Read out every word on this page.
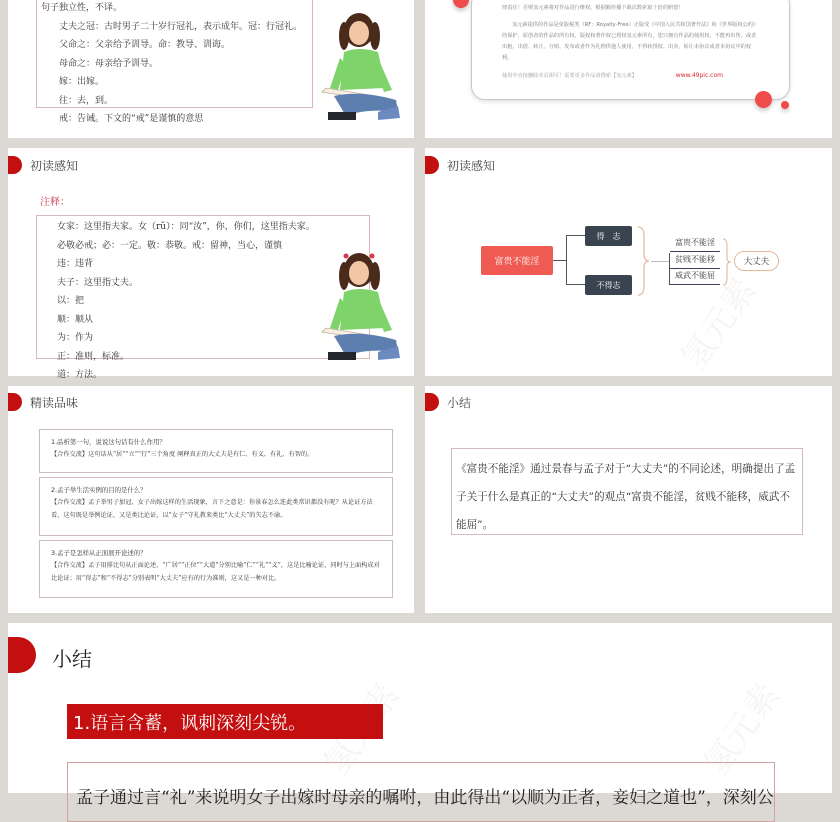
句子独立性，不译。
丈夫之冠：古时男子二十岁行冠礼，表示成年。冠：行冠礼。
父命之：父亲给予训导。命：教导、训诲。
母命之：母亲给予训导。
嫁：出嫁。
往：去，到。
戒：告诫。下文的“戒”是谨慎的意思

律责任！否则氢元素将对作品进行维权，根据额传播下载次数索取十倍的赔偿！

氢元素提供的作品是免版税类（RF：Royalty-Free）正版受《中国人民共和国著作法》和《世界版权公约》的保护，原创者的作品的所有权、版权和著作权已授权氢元素所有，您只拥有作品的使用权，不能再出售，或者出租、出借、转让、分销、发布或者作为礼物供他人使用，不得转授权、出卖、转让本协议或者本协议中的权利。

使用中直接删除本页即可！需要更多作品请搜索【氢元素】	www.49pic.com
初读感知
注释：
女家：这里指夫家。女（rǔ）：同“汝”，你，你们，这里指夫家。
必敬必戒；必：一定。敬：恭敬。戒：留神，当心，谨慎
违：违背
夫子：这里指丈夫。
以：把
顺：顺从
为：作为
正：准则，标准。
道：方法。
初读感知
富贵不能淫
得　志
不得志
富贵不能淫
贫贱不能移
威武不能屈
大丈夫
精读品味
1.品析第一句，说说这句话有什么作用？
【合作交流】这句话从“居”“立”“行”三个角度 阐释真正的大丈夫是有仁、有义、有礼、有智的。
2.孟子举生活实例的目的是什么？
【合作交流】孟子举男子加冠、女子出嫁这样的生活现象，言下之意是：你景春怎么连此类常识都没有呢？从论证方法看，这句既是举例论证，又是类比论证，以“女子”守礼教来类比“大丈夫”的矢志不渝。
3.孟子是怎样从正面展开论述的？
【合作交流】孟子用排比句从正面论述，“广居”“正位”“大道”分别比喻“仁”“礼”“义”，这是比喻论证，同时与上面构成对比论证；用“得志”和“不得志”分别表明“大丈夫”应有的行为准则，这又是一种对比。
小结

《富贵不能淫》通过景春与孟子对于“大丈夫”的不同论述，明确提出了孟子关于什么是真正的“大丈夫”的观点“富贵不能淫，贫贱不能移，威武不能屈”。

小结
1.语言含蓄，讽刺深刻尖锐。

孟子通过言“礼”来说明女子出嫁时母亲的嘱咐，由此得出“以顺为正者，妾妇之道也”，深刻公
